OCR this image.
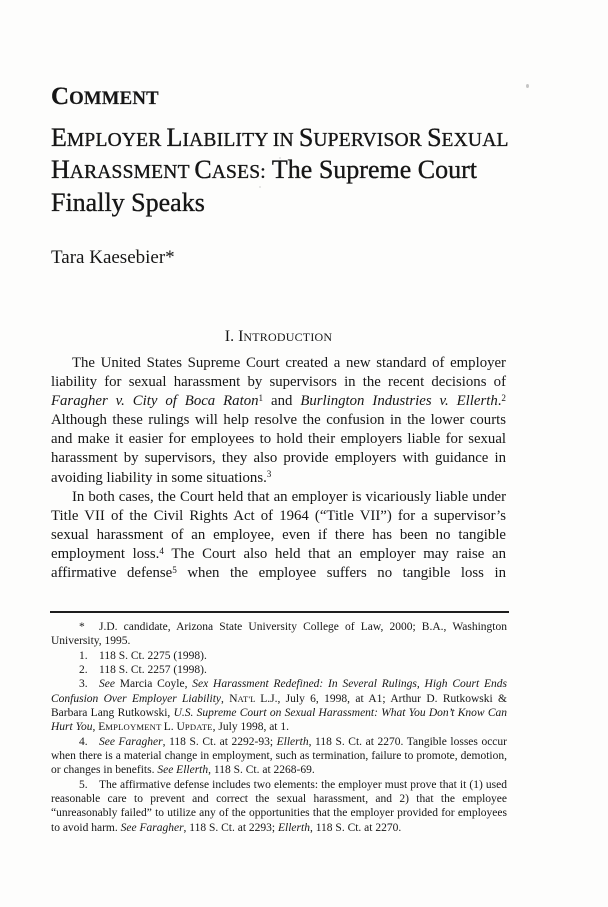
COMMENT
EMPLOYER LIABILITY IN SUPERVISOR SEXUAL
HARASSMENT CASES: The Supreme Court
Finally Speaks
Tara Kaesebier*
I. INTRODUCTION
The United States Supreme Court created a new standard of employer
liability for sexual harassment by supervisors in the recent decisions of
Faragher v. City of Boca Raton$^1$ and Burlington Industries v. Ellerth.$^2$
Although these rulings will help resolve the confusion in the lower courts
and make it easier for employees to hold their employers liable for sexual
harassment by supervisors, they also provide employers with guidance in
avoiding liability in some situations.$^3$
In both cases, the Court held that an employer is vicariously liable under
Title VII of the Civil Rights Act of 1964 (“Title VII”) for a supervisor’s
sexual harassment of an employee, even if there has been no tangible
employment loss.$^4$ The Court also held that an employer may raise an
affirmative defense$^5$ when the employee suffers no tangible loss in
* J.D. candidate, Arizona State University College of Law, 2000; B.A., Washington
University, 1995.
1. 118 S. Ct. 2275 (1998).
2. 118 S. Ct. 2257 (1998).
3. See Marcia Coyle, Sex Harassment Redefined: In Several Rulings, High Court Ends
Confusion Over Employer Liability, NAT'L L.J., July 6, 1998, at A1; Arthur D. Rutkowski &
Barbara Lang Rutkowski, U.S. Supreme Court on Sexual Harassment: What You Don’t Know Can
Hurt You, EMPLOYMENT L. UPDATE, July 1998, at 1.
4. See Faragher, 118 S. Ct. at 2292-93; Ellerth, 118 S. Ct. at 2270. Tangible losses occur
when there is a material change in employment, such as termination, failure to promote, demotion,
or changes in benefits. See Ellerth, 118 S. Ct. at 2268-69.
5. The affirmative defense includes two elements: the employer must prove that it (1) used
reasonable care to prevent and correct the sexual harassment, and 2) that the employee
“unreasonably failed” to utilize any of the opportunities that the employer provided for employees
to avoid harm. See Faragher, 118 S. Ct. at 2293; Ellerth, 118 S. Ct. at 2270.
